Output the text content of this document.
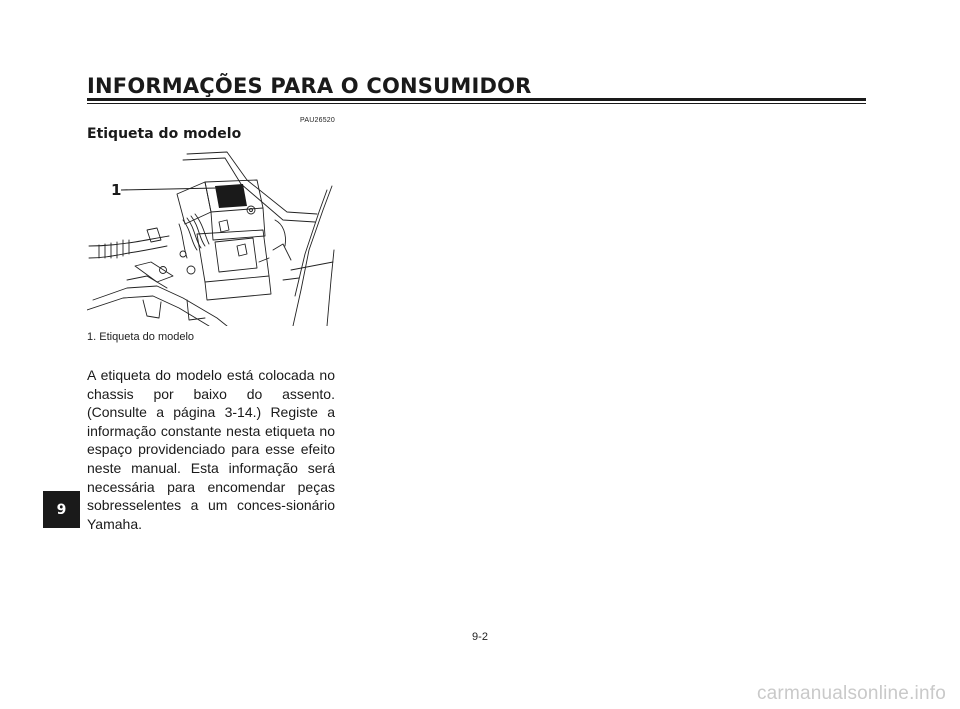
INFORMAÇÕES PARA O CONSUMIDOR
PAU26520
Etiqueta do modelo
1
1. Etiqueta do modelo

A etiqueta do modelo está colocada no chassis por baixo do assento. (Consulte a página 3-14.) Registe a informação constante nesta etiqueta no espaço providenciado para esse efeito neste manual. Esta informação será necessária para encomendar peças sobresselentes a um conces-sionário Yamaha.

9
9-2
carmanualsonline.info
